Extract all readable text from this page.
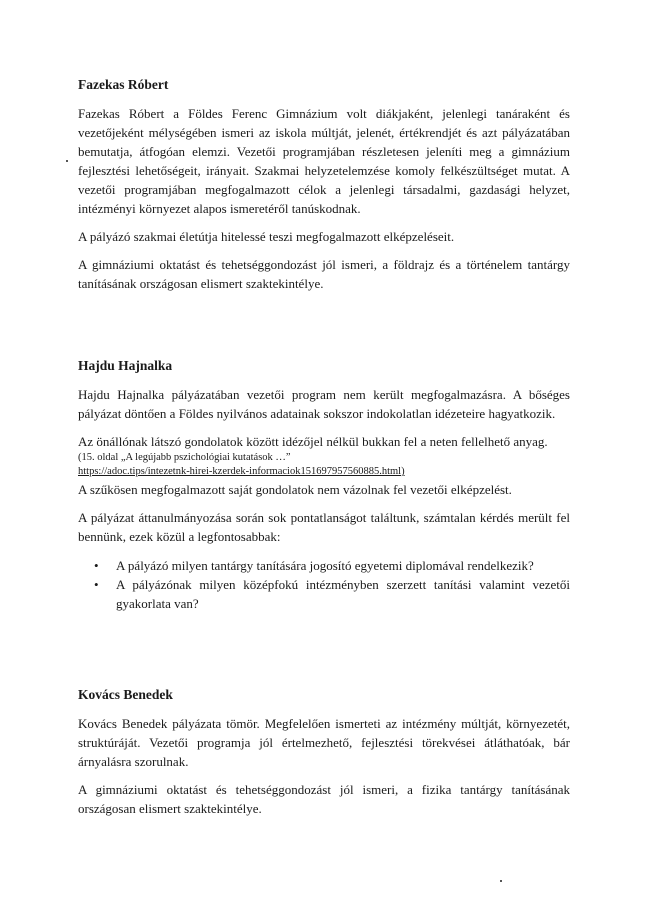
Fazekas Róbert

Fazekas Róbert a Földes Ferenc Gimnázium volt diákjaként, jelenlegi tanáraként és vezetőjeként mélységében ismeri az iskola múltját, jelenét, értékrendjét és azt pályázatában bemutatja, átfogóan elemzi. Vezetői programjában részletesen jeleníti meg a gimnázium fejlesztési lehetőségeit, irányait. Szakmai helyzetelemzése komoly felkészültséget mutat. A vezetői programjában megfogalmazott célok a jelenlegi társadalmi, gazdasági helyzet, intézményi környezet alapos ismeretéről tanúskodnak.

A pályázó szakmai életútja hitelessé teszi megfogalmazott elképzeléseit.

A gimnáziumi oktatást és tehetséggondozást jól ismeri, a földrajz és a történelem tantárgy tanításának országosan elismert szaktekintélye.

Hajdu Hajnalka

Hajdu Hajnalka pályázatában vezetői program nem került megfogalmazásra. A bőséges pályázat döntően a Földes nyilvános adatainak sokszor indokolatlan idézeteire hagyatkozik.

Az önállónak látszó gondolatok között idézőjel nélkül bukkan fel a neten fellelhető anyag.

(15. oldal „A legújabb pszichológiai kutatások …”

https://adoc.tips/intezetnk-hirei-kzerdek-informaciok151697957560885.html)

A szűkösen megfogalmazott saját gondolatok nem vázolnak fel vezetői elképzelést.

A pályázat áttanulmányozása során sok pontatlanságot találtunk, számtalan kérdés merült fel bennünk, ezek közül a legfontosabbak:

• A pályázó milyen tantárgy tanítására jogosító egyetemi diplomával rendelkezik?
• A pályázónak milyen középfokú intézményben szerzett tanítási valamint vezetői gyakorlata van?
Kovács Benedek

Kovács Benedek pályázata tömör. Megfelelően ismerteti az intézmény múltját, környezetét, struktúráját. Vezetői programja jól értelmezhető, fejlesztési törekvései átláthatóak, bár árnyalásra szorulnak.

A gimnáziumi oktatást és tehetséggondozást jól ismeri, a fizika tantárgy tanításának országosan elismert szaktekintélye.
